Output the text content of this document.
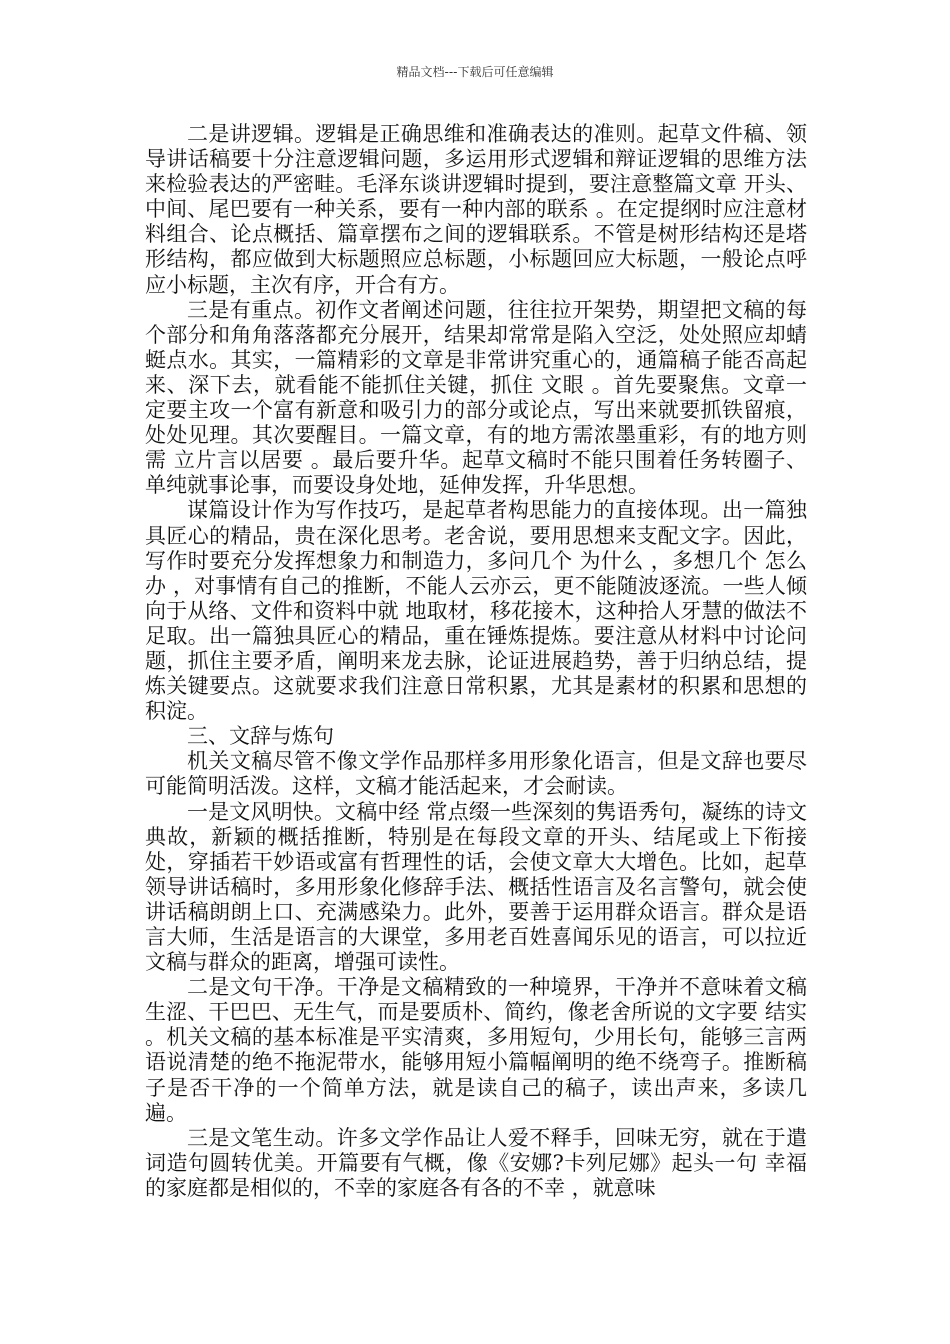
精品文档---下载后可任意编辑

二是讲逻辑。逻辑是正确思维和准确表达的准则。起草文件稿、领导讲话稿要十分注意逻辑问题，多运用形式逻辑和辩证逻辑的思维方法来检验表达的严密畦。毛泽东谈讲逻辑时提到，要注意整篇文章 开头、中间、尾巴要有一种关系，要有一种内部的联系 。在定提纲时应注意材料组合、论点概括、篇章摆布之间的逻辑联系。不管是树形结构还是塔形结构，都应做到大标题照应总标题，小标题回应大标题，一般论点呼应小标题，主次有序，开合有方。

三是有重点。初作文者阐述问题，往往拉开架势，期望把文稿的每个部分和角角落落都充分展开，结果却常常是陷入空泛，处处照应却蜻蜓点水。其实，一篇精彩的文章是非常讲究重心的，通篇稿子能否高起来、深下去，就看能不能抓住关键，抓住 文眼 。首先要聚焦。文章一定要主攻一个富有新意和吸引力的部分或论点，写出来就要抓铁留痕，处处见理。其次要醒目。一篇文章，有的地方需浓墨重彩，有的地方则需 立片言以居要 。最后要升华。起草文稿时不能只围着任务转圈子、单纯就事论事，而要设身处地，延伸发挥，升华思想。

谋篇设计作为写作技巧，是起草者构思能力的直接体现。出一篇独具匠心的精品，贵在深化思考。老舍说，要用思想来支配文字。因此，写作时要充分发挥想象力和制造力，多问几个 为什么 ，多想几个 怎么办 ，对事情有自己的推断，不能人云亦云，更不能随波逐流。一些人倾向于从络、文件和资料中就 地取材，移花接木，这种拾人牙慧的做法不足取。出一篇独具匠心的精品，重在锤炼提炼。要注意从材料中讨论问题，抓住主要矛盾，阐明来龙去脉，论证进展趋势，善于归纳总结，提炼关键要点。这就要求我们注意日常积累，尤其是素材的积累和思想的积淀。

三、文辞与炼句

机关文稿尽管不像文学作品那样多用形象化语言，但是文辞也要尽可能简明活泼。这样，文稿才能活起来，才会耐读。

一是文风明快。文稿中经 常点缀一些深刻的隽语秀句，凝练的诗文典故，新颖的概括推断，特别是在每段文章的开头、结尾或上下衔接处，穿插若干妙语或富有哲理性的话，会使文章大大增色。比如，起草领导讲话稿时，多用形象化修辞手法、概括性语言及名言警句，就会使讲话稿朗朗上口、充满感染力。此外，要善于运用群众语言。群众是语言大师，生活是语言的大课堂，多用老百姓喜闻乐见的语言，可以拉近文稿与群众的距离，增强可读性。

二是文句干净。干净是文稿精致的一种境界，干净并不意味着文稿生涩、干巴巴、无生气，而是要质朴、简约，像老舍所说的文字要 结实 。机关文稿的基本标准是平实清爽，多用短句，少用长句，能够三言两语说清楚的绝不拖泥带水，能够用短小篇幅阐明的绝不绕弯子。推断稿子是否干净的一个简单方法，就是读自己的稿子，读出声来，多读几遍。

三是文笔生动。许多文学作品让人爱不释手，回味无穷，就在于遣词造句圆转优美。开篇要有气概，像《安娜?卡列尼娜》起头一句 幸福的家庭都是相似的，不幸的家庭各有各的不幸 ，就意味
